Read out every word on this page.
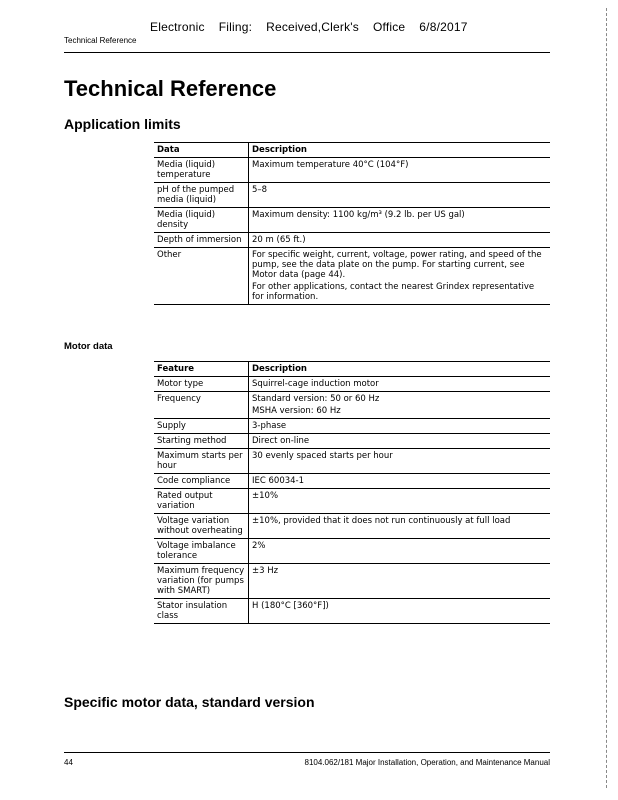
Electronic Filing: Received,Clerk's Office 6/8/2017
Technical Reference
Technical Reference
Application limits
Data	Description
Media (liquid) temperature	Maximum temperature 40°C (104°F)

pH of the pumped media (liquid)	5–8

Media (liquid) density	Maximum density: 1100 kg/m³ (9.2 lb. per US gal)

Depth of immersion	20 m (65 ft.)

Other	For specific weight, current, voltage, power rating, and speed of the pump, see the data plate on the pump. For starting current, see Motor data (page 44).

For other applications, contact the nearest Grindex representative for information.

Motor data
Feature	Description
Motor type	Squirrel-cage induction motor

Frequency	Standard version: 50 or 60 Hz

MSHA version: 60 Hz

Supply	3-phase

Starting method	Direct on-line

Maximum starts per hour	30 evenly spaced starts per hour

Code compliance	IEC 60034-1

Rated output variation	±10%

Voltage variation without overheating	±10%, provided that it does not run continuously at full load

Voltage imbalance tolerance	2%

Maximum frequency variation (for pumps with SMART)	±3 Hz

Stator insulation class	H (180°C [360°F])

Specific motor data, standard version
44	8104.062/181 Major Installation, Operation, and Maintenance Manual
